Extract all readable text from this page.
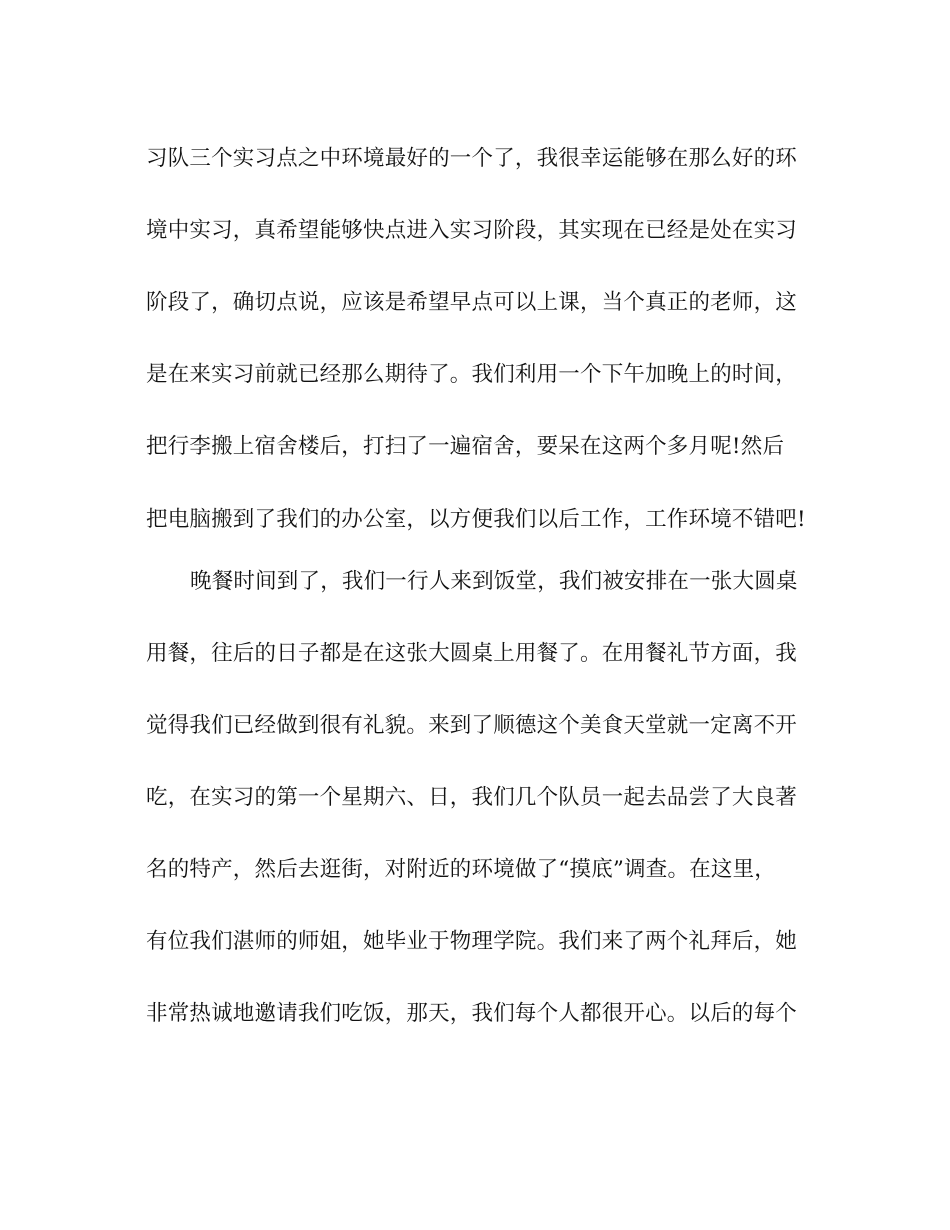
习队三个实习点之中环境最好的一个了，我很幸运能够在那么好的环
境中实习，真希望能够快点进入实习阶段，其实现在已经是处在实习
阶段了，确切点说，应该是希望早点可以上课，当个真正的老师，这
是在来实习前就已经那么期待了。我们利用一个下午加晚上的时间，
把行李搬上宿舍楼后，打扫了一遍宿舍，要呆在这两个多月呢!然后
把电脑搬到了我们的办公室，以方便我们以后工作，工作环境不错吧!
晚餐时间到了，我们一行人来到饭堂，我们被安排在一张大圆桌
用餐，往后的日子都是在这张大圆桌上用餐了。在用餐礼节方面，我
觉得我们已经做到很有礼貌。来到了顺德这个美食天堂就一定离不开
吃，在实习的第一个星期六、日，我们几个队员一起去品尝了大良著
名的特产，然后去逛街，对附近的环境做了“摸底”调查。在这里，
有位我们湛师的师姐，她毕业于物理学院。我们来了两个礼拜后，她
非常热诚地邀请我们吃饭，那天，我们每个人都很开心。以后的每个
